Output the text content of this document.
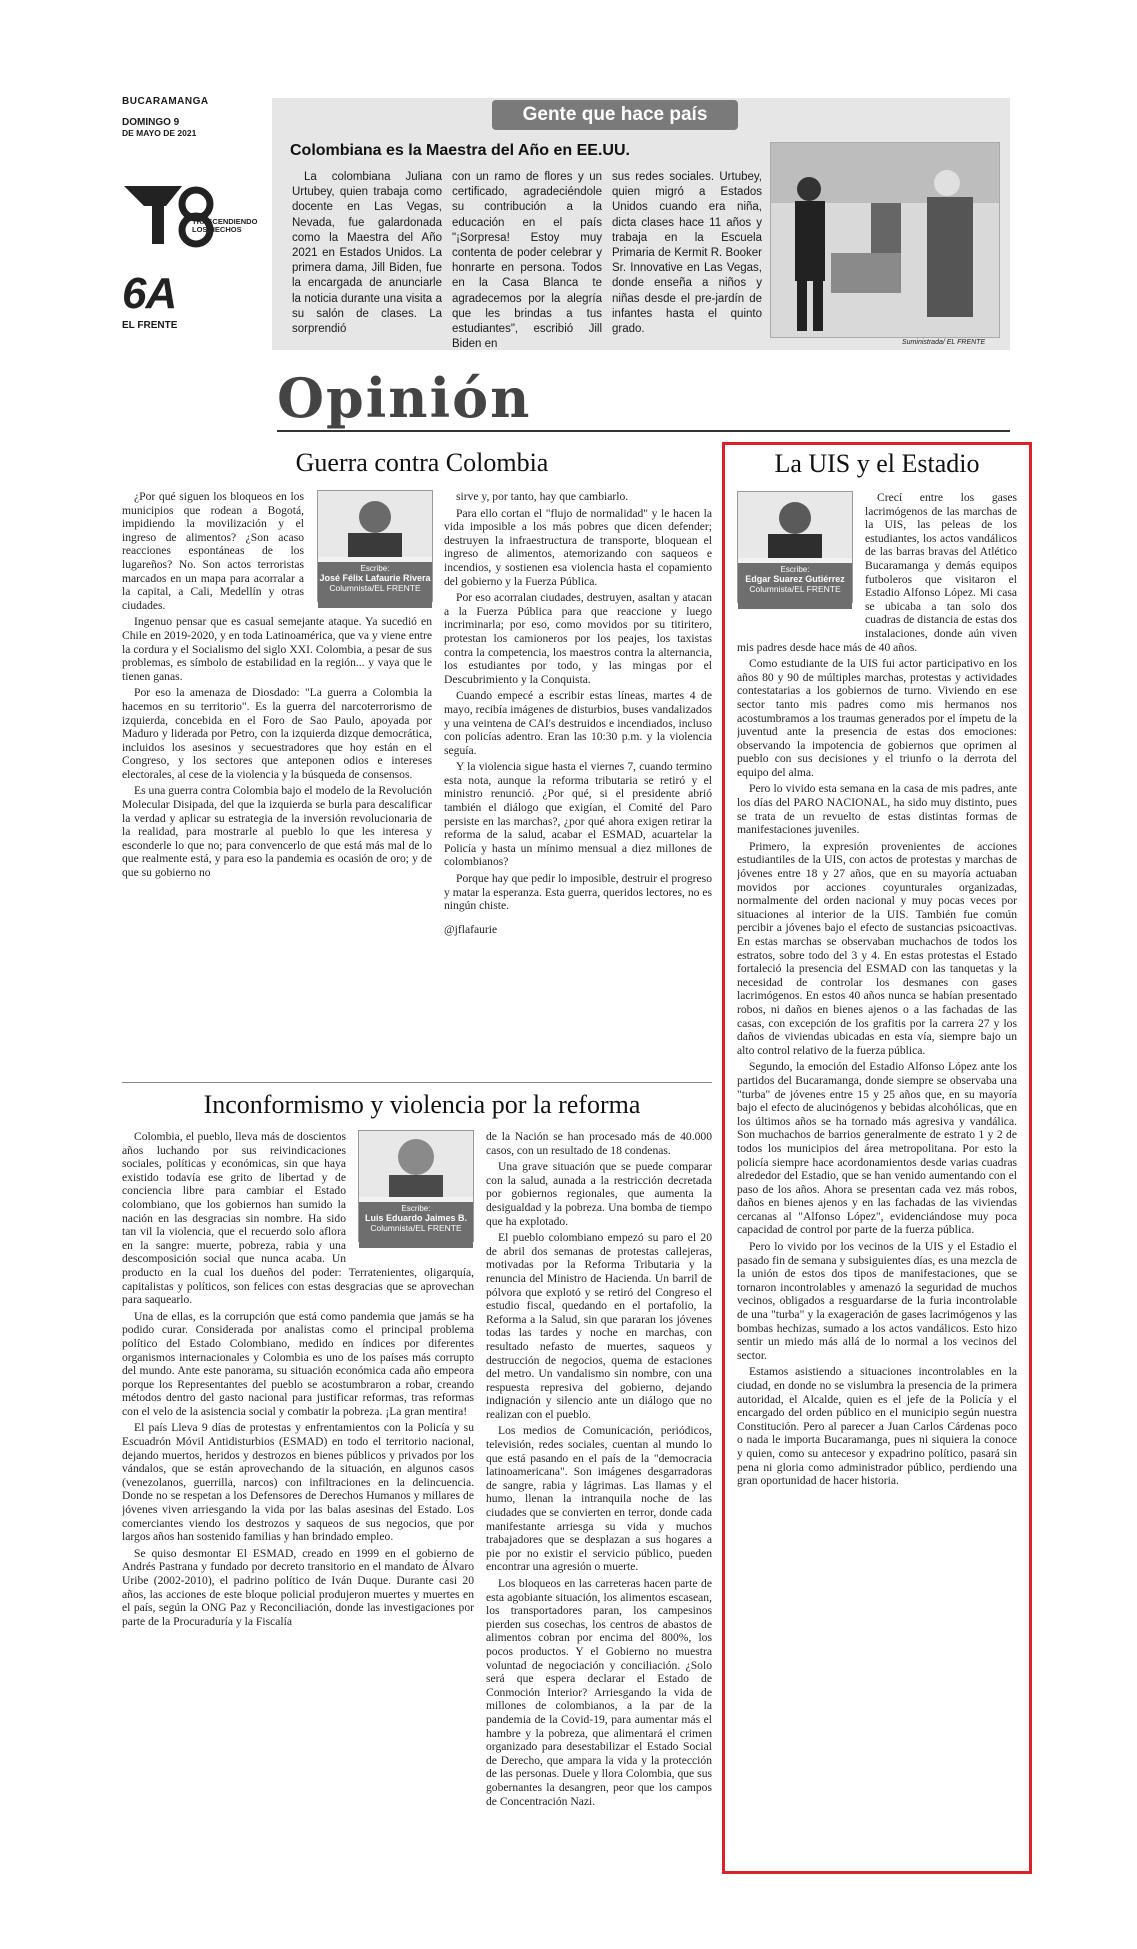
BUCARAMANGA
DOMINGO 9
DE MAYO DE 2021
TRASCENDIENDO
LOS HECHOS
6A
EL FRENTE
Gente que hace país
Colombiana es la Maestra del Año en EE.UU.
La colombiana Juliana Urtubey, quien trabaja como docente en Las Vegas, Nevada, fue galardonada como la Maestra del Año 2021 en Estados Unidos. La primera dama, Jill Biden, fue la encargada de anunciarle la noticia durante una visita a su salón de clases. La sorprendió
con un ramo de flores y un certificado, agradeciéndole su contribución a la educación en el país "¡Sorpresa! Estoy muy contenta de poder celebrar y honrarte en persona. Todos en la Casa Blanca te agradecemos por la alegría que les brindas a tus estudiantes", escribió Jill Biden en
sus redes sociales. Urtubey, quien migró a Estados Unidos cuando era niña, dicta clases hace 11 años y trabaja en la Escuela Primaria de Kermit R. Booker Sr. Innovative en Las Vegas, donde enseña a niños y niñas desde el pre-jardín de infantes hasta el quinto grado.
Suministrada/ EL FRENTE
Opinión
Guerra contra Colombia
Escribe:
José Félix Lafaurie Rivera
Columnista/EL FRENTE

¿Por qué siguen los bloqueos en los municipios que rodean a Bogotá, impidiendo la movilización y el ingreso de alimentos? ¿Son acaso reacciones espontáneas de los lugareños? No. Son actos terroristas marcados en un mapa para acorralar a la capital, a Cali, Medellín y otras ciudades.

Ingenuo pensar que es casual semejante ataque. Ya sucedió en Chile en 2019-2020, y en toda Latinoamérica, que va y viene entre la cordura y el Socialismo del siglo XXI. Colombia, a pesar de sus problemas, es símbolo de estabilidad en la región... y vaya que le tienen ganas.

Por eso la amenaza de Diosdado: "La guerra a Colombia la hacemos en su territorio". Es la guerra del narcoterrorismo de izquierda, concebida en el Foro de Sao Paulo, apoyada por Maduro y liderada por Petro, con la izquierda dizque democrática, incluidos los asesinos y secuestradores que hoy están en el Congreso, y los sectores que anteponen odios e intereses electorales, al cese de la violencia y la búsqueda de consensos.

Es una guerra contra Colombia bajo el modelo de la Revolución Molecular Disipada, del que la izquierda se burla para descalificar la verdad y aplicar su estrategia de la inversión revolucionaria de la realidad, para mostrarle al pueblo lo que les interesa y esconderle lo que no; para convencerlo de que está más mal de lo que realmente está, y para eso la pandemia es ocasión de oro; y de que su gobierno no

sirve y, por tanto, hay que cambiarlo.

Para ello cortan el "flujo de normalidad" y le hacen la vida imposible a los más pobres que dicen defender; destruyen la infraestructura de transporte, bloquean el ingreso de alimentos, atemorizando con saqueos e incendios, y sostienen esa violencia hasta el copamiento del gobierno y la Fuerza Pública.

Por eso acorralan ciudades, destruyen, asaltan y atacan a la Fuerza Pública para que reaccione y luego incriminarla; por eso, como movidos por su titiritero, protestan los camioneros por los peajes, los taxistas contra la competencia, los maestros contra la alternancia, los estudiantes por todo, y las mingas por el Descubrimiento y la Conquista.

Cuando empecé a escribir estas líneas, martes 4 de mayo, recibía imágenes de disturbios, buses vandalizados y una veintena de CAI's destruidos e incendiados, incluso con policías adentro. Eran las 10:30 p.m. y la violencia seguía.

Y la violencia sigue hasta el viernes 7, cuando termino esta nota, aunque la reforma tributaria se retiró y el ministro renunció. ¿Por qué, si el presidente abrió también el diálogo que exigían, el Comité del Paro persiste en las marchas?, ¿por qué ahora exigen retirar la reforma de la salud, acabar el ESMAD, acuartelar la Policía y hasta un mínimo mensual a diez millones de colombianos?

Porque hay que pedir lo imposible, destruir el progreso y matar la esperanza. Esta guerra, queridos lectores, no es ningún chiste.

@jflafaurie

Inconformismo y violencia por la reforma
Escribe:
Luis Eduardo Jaimes B.
Columnista/EL FRENTE

Colombia, el pueblo, lleva más de doscientos años luchando por sus reivindicaciones sociales, políticas y económicas, sin que haya existido todavía ese grito de libertad y de conciencia libre para cambiar el Estado colombiano, que los gobiernos han sumido la nación en las desgracias sin nombre. Ha sido tan vil la violencia, que el recuerdo solo aflora en la sangre: muerte, pobreza, rabia y una descomposición social que nunca acaba. Un producto en la cual los dueños del poder: Terratenientes, oligarquía, capitalistas y políticos, son felices con estas desgracias que se aprovechan para saquearlo.

Una de ellas, es la corrupción que está como pandemia que jamás se ha podido curar. Considerada por analistas como el principal problema político del Estado Colombiano, medido en índices por diferentes organismos internacionales y Colombia es uno de los países más corrupto del mundo. Ante este panorama, su situación económica cada año empeora porque los Representantes del pueblo se acostumbraron a robar, creando métodos dentro del gasto nacional para justificar reformas, tras reformas con el velo de la asistencia social y combatir la pobreza. ¡La gran mentira!

El país Lleva 9 días de protestas y enfrentamientos con la Policía y su Escuadrón Móvil Antidisturbios (ESMAD) en todo el territorio nacional, dejando muertos, heridos y destrozos en bienes públicos y privados por los vándalos, que se están aprovechando de la situación, en algunos casos (venezolanos, guerrilla, narcos) con infiltraciones en la delincuencia. Donde no se respetan a los Defensores de Derechos Humanos y millares de jóvenes viven arriesgando la vida por las balas asesinas del Estado. Los comerciantes viendo los destrozos y saqueos de sus negocios, que por largos años han sostenido familias y han brindado empleo.

Se quiso desmontar El ESMAD, creado en 1999 en el gobierno de Andrés Pastrana y fundado por decreto transitorio en el mandato de Álvaro Uribe (2002-2010), el padrino político de Iván Duque. Durante casi 20 años, las acciones de este bloque policial produjeron muertes y muertes en el país, según la ONG Paz y Reconciliación, donde las investigaciones por parte de la Procuraduría y la Fiscalía

de la Nación se han procesado más de 40.000 casos, con un resultado de 18 condenas.

Una grave situación que se puede comparar con la salud, aunada a la restricción decretada por gobiernos regionales, que aumenta la desigualdad y la pobreza. Una bomba de tiempo que ha explotado.

El pueblo colombiano empezó su paro el 20 de abril dos semanas de protestas callejeras, motivadas por la Reforma Tributaria y la renuncia del Ministro de Hacienda. Un barril de pólvora que explotó y se retiró del Congreso el estudio fiscal, quedando en el portafolio, la Reforma a la Salud, sin que pararan los jóvenes todas las tardes y noche en marchas, con resultado nefasto de muertes, saqueos y destrucción de negocios, quema de estaciones del metro. Un vandalismo sin nombre, con una respuesta represiva del gobierno, dejando indignación y silencio ante un diálogo que no realizan con el pueblo.

Los medios de Comunicación, periódicos, televisión, redes sociales, cuentan al mundo lo que está pasando en el país de la "democracia latinoamericana". Son imágenes desgarradoras de sangre, rabia y lágrimas. Las llamas y el humo, llenan la intranquila noche de las ciudades que se convierten en terror, donde cada manifestante arriesga su vida y muchos trabajadores que se desplazan a sus hogares a pie por no existir el servicio público, pueden encontrar una agresión o muerte.

Los bloqueos en las carreteras hacen parte de esta agobiante situación, los alimentos escasean, los transportadores paran, los campesinos pierden sus cosechas, los centros de abastos de alimentos cobran por encima del 800%, los pocos productos. Y el Gobierno no muestra voluntad de negociación y conciliación. ¿Solo será que espera declarar el Estado de Conmoción Interior? Arriesgando la vida de millones de colombianos, a la par de la pandemia de la Covid-19, para aumentar más el hambre y la pobreza, que alimentará el crimen organizado para desestabilizar el Estado Social de Derecho, que ampara la vida y la protección de las personas. Duele y llora Colombia, que sus gobernantes la desangren, peor que los campos de Concentración Nazi.

La UIS y el Estadio
Escribe:
Edgar Suarez Gutiérrez
Columnista/EL FRENTE

Crecí entre los gases lacrimógenos de las marchas de la UIS, las peleas de los estudiantes, los actos vandálicos de las barras bravas del Atlético Bucaramanga y demás equipos futboleros que visitaron el Estadio Alfonso López. Mi casa se ubicaba a tan solo dos cuadras de distancia de estas dos instalaciones, donde aún viven mis padres desde hace más de 40 años.

Como estudiante de la UIS fui actor participativo en los años 80 y 90 de múltiples marchas, protestas y actividades contestatarias a los gobiernos de turno. Viviendo en ese sector tanto mis padres como mis hermanos nos acostumbramos a los traumas generados por el ímpetu de la juventud ante la presencia de estas dos emociones: observando la impotencia de gobiernos que oprimen al pueblo con sus decisiones y el triunfo o la derrota del equipo del alma.

Pero lo vivido esta semana en la casa de mis padres, ante los días del PARO NACIONAL, ha sido muy distinto, pues se trata de un revuelto de estas distintas formas de manifestaciones juveniles.

Primero, la expresión provenientes de acciones estudiantiles de la UIS, con actos de protestas y marchas de jóvenes entre 18 y 27 años, que en su mayoría actuaban movidos por acciones coyunturales organizadas, normalmente del orden nacional y muy pocas veces por situaciones al interior de la UIS. También fue común percibir a jóvenes bajo el efecto de sustancias psicoactivas. En estas marchas se observaban muchachos de todos los estratos, sobre todo del 3 y 4. En estas protestas el Estado fortaleció la presencia del ESMAD con las tanquetas y la necesidad de controlar los desmanes con gases lacrimógenos. En estos 40 años nunca se habían presentado robos, ni daños en bienes ajenos o a las fachadas de las casas, con excepción de los grafitis por la carrera 27 y los daños de viviendas ubicadas en esta vía, siempre bajo un alto control relativo de la fuerza pública.

Segundo, la emoción del Estadio Alfonso López ante los partidos del Bucaramanga, donde siempre se observaba una "turba" de jóvenes entre 15 y 25 años que, en su mayoría bajo el efecto de alucinógenos y bebidas alcohólicas, que en los últimos años se ha tornado más agresiva y vandálica. Son muchachos de barrios generalmente de estrato 1 y 2 de todos los municipios del área metropolitana. Por esto la policía siempre hace acordonamientos desde varias cuadras alrededor del Estadio, que se han venido aumentando con el paso de los años. Ahora se presentan cada vez más robos, daños en bienes ajenos y en las fachadas de las viviendas cercanas al "Alfonso López", evidenciándose muy poca capacidad de control por parte de la fuerza pública.

Pero lo vivido por los vecinos de la UIS y el Estadio el pasado fin de semana y subsiguientes días, es una mezcla de la unión de estos dos tipos de manifestaciones, que se tornaron incontrolables y amenazó la seguridad de muchos vecinos, obligados a resguardarse de la furia incontrolable de una "turba" y la exageración de gases lacrimógenos y las bombas hechizas, sumado a los actos vandálicos. Esto hizo sentir un miedo más allá de lo normal a los vecinos del sector.

Estamos asistiendo a situaciones incontrolables en la ciudad, en donde no se vislumbra la presencia de la primera autoridad, el Alcalde, quien es el jefe de la Policía y el encargado del orden público en el municipio según nuestra Constitución. Pero al parecer a Juan Carlos Cárdenas poco o nada le importa Bucaramanga, pues ni siquiera la conoce y quien, como su antecesor y expadrino político, pasará sin pena ni gloria como administrador público, perdiendo una gran oportunidad de hacer historia.
